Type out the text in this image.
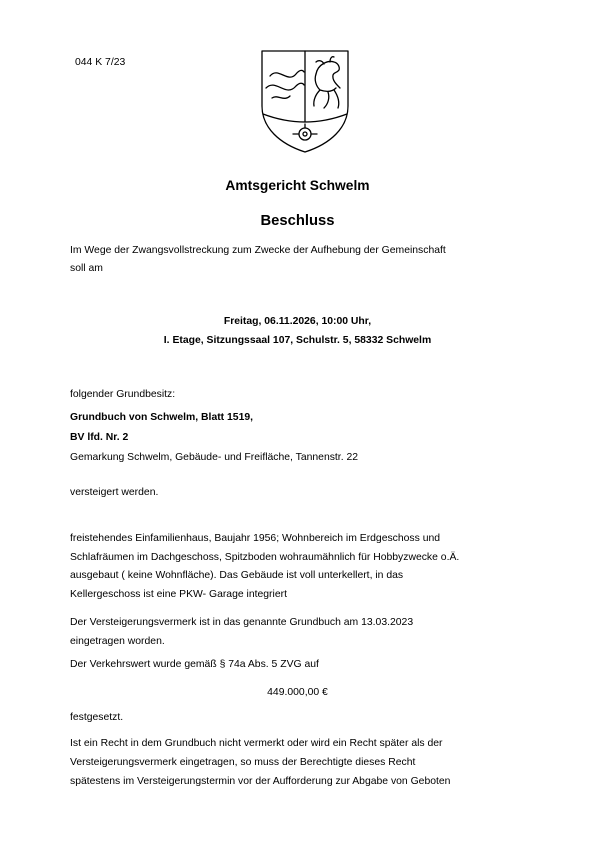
044 K 7/23
Amtsgericht Schwelm
Beschluss
Im Wege der Zwangsvollstreckung zum Zwecke der Aufhebung der Gemeinschaft
soll am
Freitag, 06.11.2026, 10:00 Uhr,
I. Etage, Sitzungssaal 107, Schulstr. 5, 58332 Schwelm
folgender Grundbesitz:
Grundbuch von Schwelm, Blatt 1519,
BV lfd. Nr. 2
Gemarkung Schwelm, Gebäude- und Freifläche, Tannenstr. 22
versteigert werden.
freistehendes Einfamilienhaus, Baujahr 1956; Wohnbereich im Erdgeschoss und
Schlafräumen im Dachgeschoss, Spitzboden wohraumähnlich für Hobbyzwecke o.Ä.
ausgebaut ( keine Wohnfläche). Das Gebäude ist voll unterkellert, in das
Kellergeschoss ist eine PKW- Garage integriert
Der Versteigerungsvermerk ist in das genannte Grundbuch am 13.03.2023
eingetragen worden.
Der Verkehrswert wurde gemäß § 74a Abs. 5 ZVG auf
449.000,00 €
festgesetzt.
Ist ein Recht in dem Grundbuch nicht vermerkt oder wird ein Recht später als der
Versteigerungsvermerk eingetragen, so muss der Berechtigte dieses Recht
spätestens im Versteigerungstermin vor der Aufforderung zur Abgabe von Geboten
